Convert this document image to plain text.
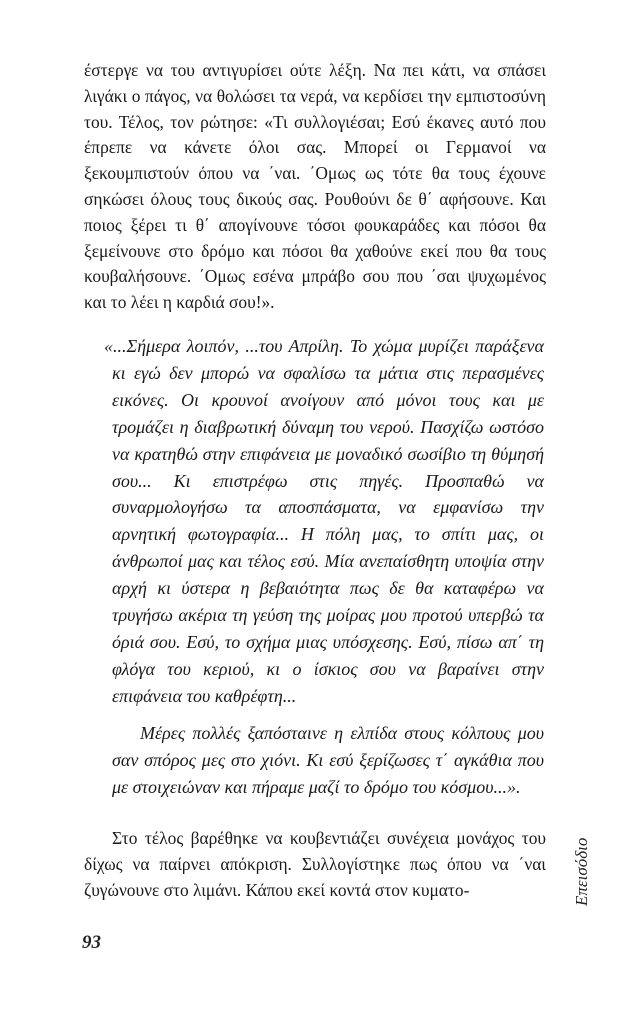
έστεργε να του αντιγυρίσει ούτε λέξη. Να πει κάτι, να σπάσει λιγάκι ο πάγος, να θολώσει τα νερά, να κερδίσει την εμπιστοσύνη του. Τέλος, τον ρώτησε: «Τι συλλογιέσαι; Εσύ έκανες αυτό που έπρεπε να κάνετε όλοι σας. Μπορεί οι Γερμανοί να ξεκουμπιστούν όπου να ΄ναι. ΄Ομως ως τότε θα τους έχουνε σηκώσει όλους τους δικούς σας. Ρουθούνι δε θ΄ αφήσουνε. Και ποιος ξέρει τι θ΄ απογίνουνε τόσοι φουκαράδες και πόσοι θα ξεμείνουνε στο δρόμο και πόσοι θα χαθούνε εκεί που θα τους κουβαλήσουνε. ΄Ομως εσένα μπράβο σου που ΄σαι ψυχωμένος και το λέει η καρδιά σου!».

«...Σήμερα λοιπόν, ...του Απρίλη. Το χώμα μυρίζει παράξενα κι εγώ δεν μπορώ να σφαλίσω τα μάτια στις περασμένες εικόνες. Οι κρουνοί ανοίγουν από μόνοι τους και με τρομάζει η διαβρωτική δύναμη του νερού. Πασχίζω ωστόσο να κρατηθώ στην επιφάνεια με μοναδικό σωσίβιο τη θύμησή σου... Κι επιστρέφω στις πηγές. Προσπαθώ να συναρμολογήσω τα αποσπάσματα, να εμφανίσω την αρνητική φωτογραφία... Η πόλη μας, το σπίτι μας, οι άνθρωποί μας και τέλος εσύ. Μία ανεπαίσθητη υποψία στην αρχή κι ύστερα η βεβαιότητα πως δε θα καταφέρω να τρυγήσω ακέρια τη γεύση της μοίρας μου προτού υπερβώ τα όριά σου. Εσύ, το σχήμα μιας υπόσχεσης. Εσύ, πίσω απ΄ τη φλόγα του κεριού, κι ο ίσκιος σου να βαραίνει στην επιφάνεια του καθρέφτη...

Μέρες πολλές ξαπόσταινε η ελπίδα στους κόλπους μου σαν σπόρος μες στο χιόνι. Κι εσύ ξερίζωσες τ΄ αγκάθια που με στοιχειώναν και πήραμε μαζί το δρόμο του κόσμου...».

Στο τέλος βαρέθηκε να κουβεντιάζει συνέχεια μονάχος του δίχως να παίρνει απόκριση. Συλλογίστηκε πως όπου να ΄ναι ζυγώνουνε στο λιμάνι. Κάπου εκεί κοντά στον κυματο-

93

Επεισόδιο
